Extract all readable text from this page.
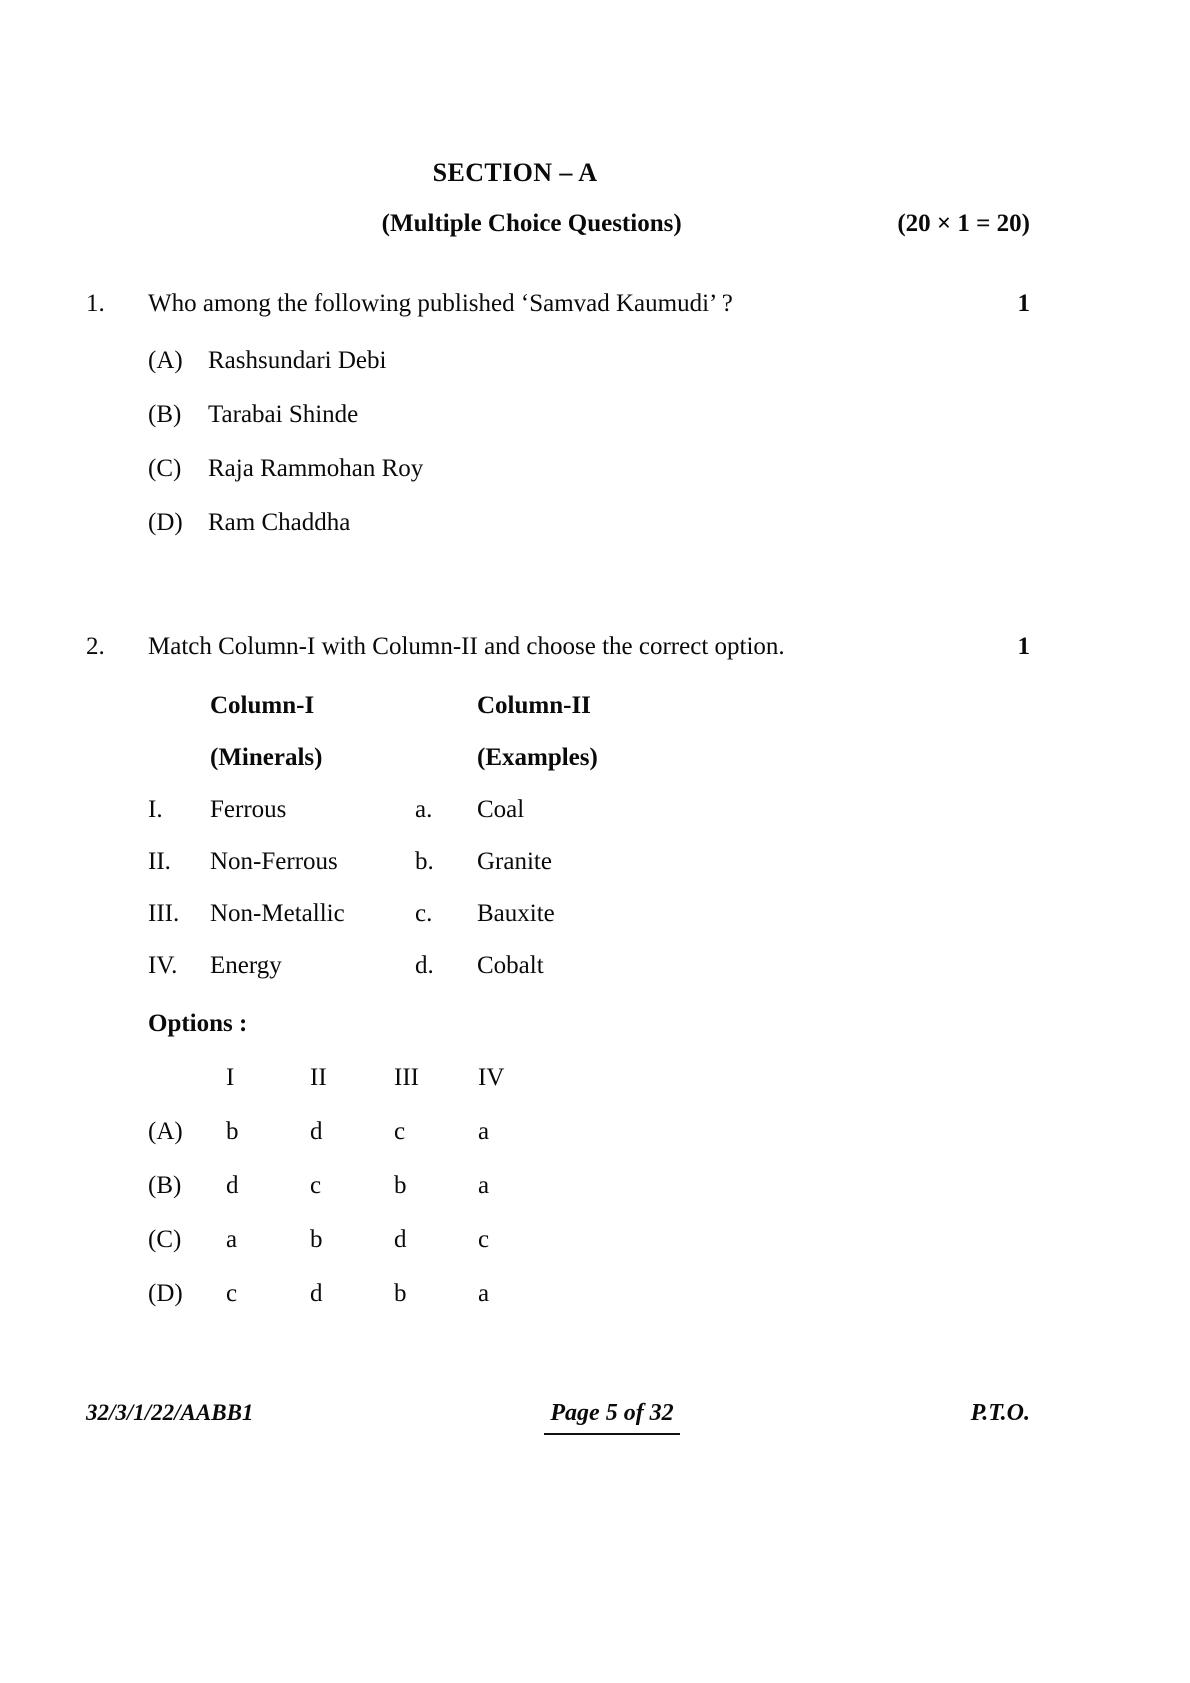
SECTION – A
(Multiple Choice Questions)	(20 × 1 = 20)
1.	Who among the following published ‘Samvad Kaumudi’ ?	1
(A)	Rashsundari Debi
(B)	Tarabai Shinde
(C)	Raja Rammohan Roy
(D)	Ram Chaddha
2.	Match Column-I with Column-II and choose the correct option.	1
Column-I	Column-II
(Minerals)	(Examples)
I.	Ferrous	a.	Coal
II.	Non-Ferrous	b.	Granite
III.	Non-Metallic	c.	Bauxite
IV.	Energy	d.	Cobalt
Options :
I	II	III	IV
(A)	b	d	c	a
(B)	d	c	b	a
(C)	a	b	d	c
(D)	c	d	b	a
32/3/1/22/AABB1	Page 5 of 32	P.T.O.
